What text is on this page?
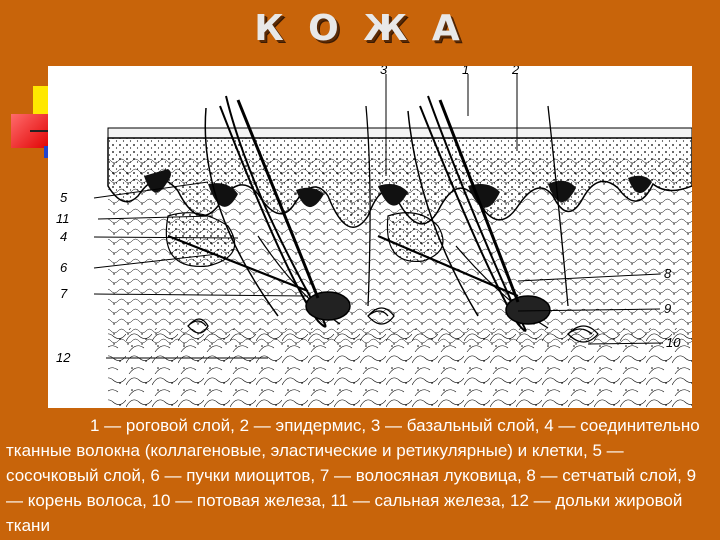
К О Ж А
1	2
3
5
11
4
6
7
12
8
9
10
1 — роговой слой, 2 — эпидермис, 3 — базальный слой, 4 — соединительно тканные волокна (коллагеновые, эластические и ретикулярные) и клетки, 5 — сосочковый слой, 6 — пучки миоцитов, 7 — волосяная луковица, 8 — сетчатый слой, 9 — корень волоса, 10 — потовая железа, 11 — сальная железа, 12 — дольки жировой ткани
